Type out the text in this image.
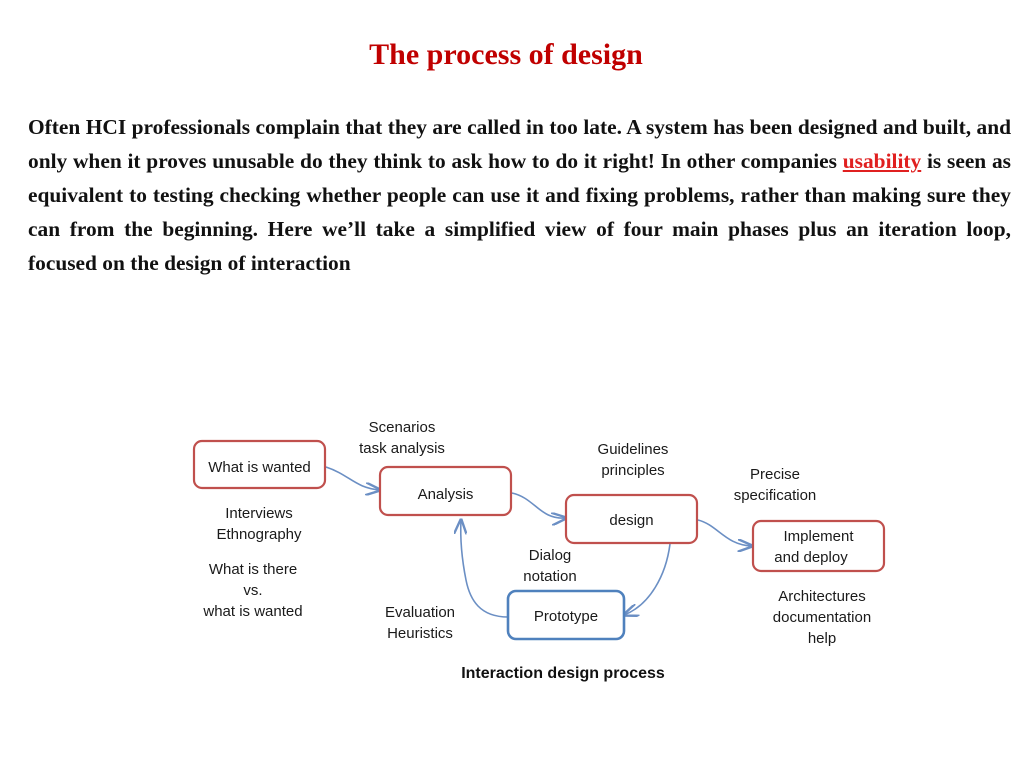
The process of design

Often HCI professionals complain that they are called in too late. A system has been designed and built, and only when it proves unusable do they think to ask how to do it right! In other companies usability is seen as equivalent to testing checking whether people can use it and fixing problems, rather than making sure they can from the beginning. Here we’ll take a simplified view of four main phases plus an iteration loop, focused on the design of interaction

What is wanted
Analysis
design
Implement
and deploy
Prototype
Scenarios
task analysis	Guidelines
principles	Precise
specification
Interviews
Ethnography
What is there
vs.
what is wanted
Dialog
notation
Evaluation
Heuristics
Architectures
documentation
help
Interaction design process
